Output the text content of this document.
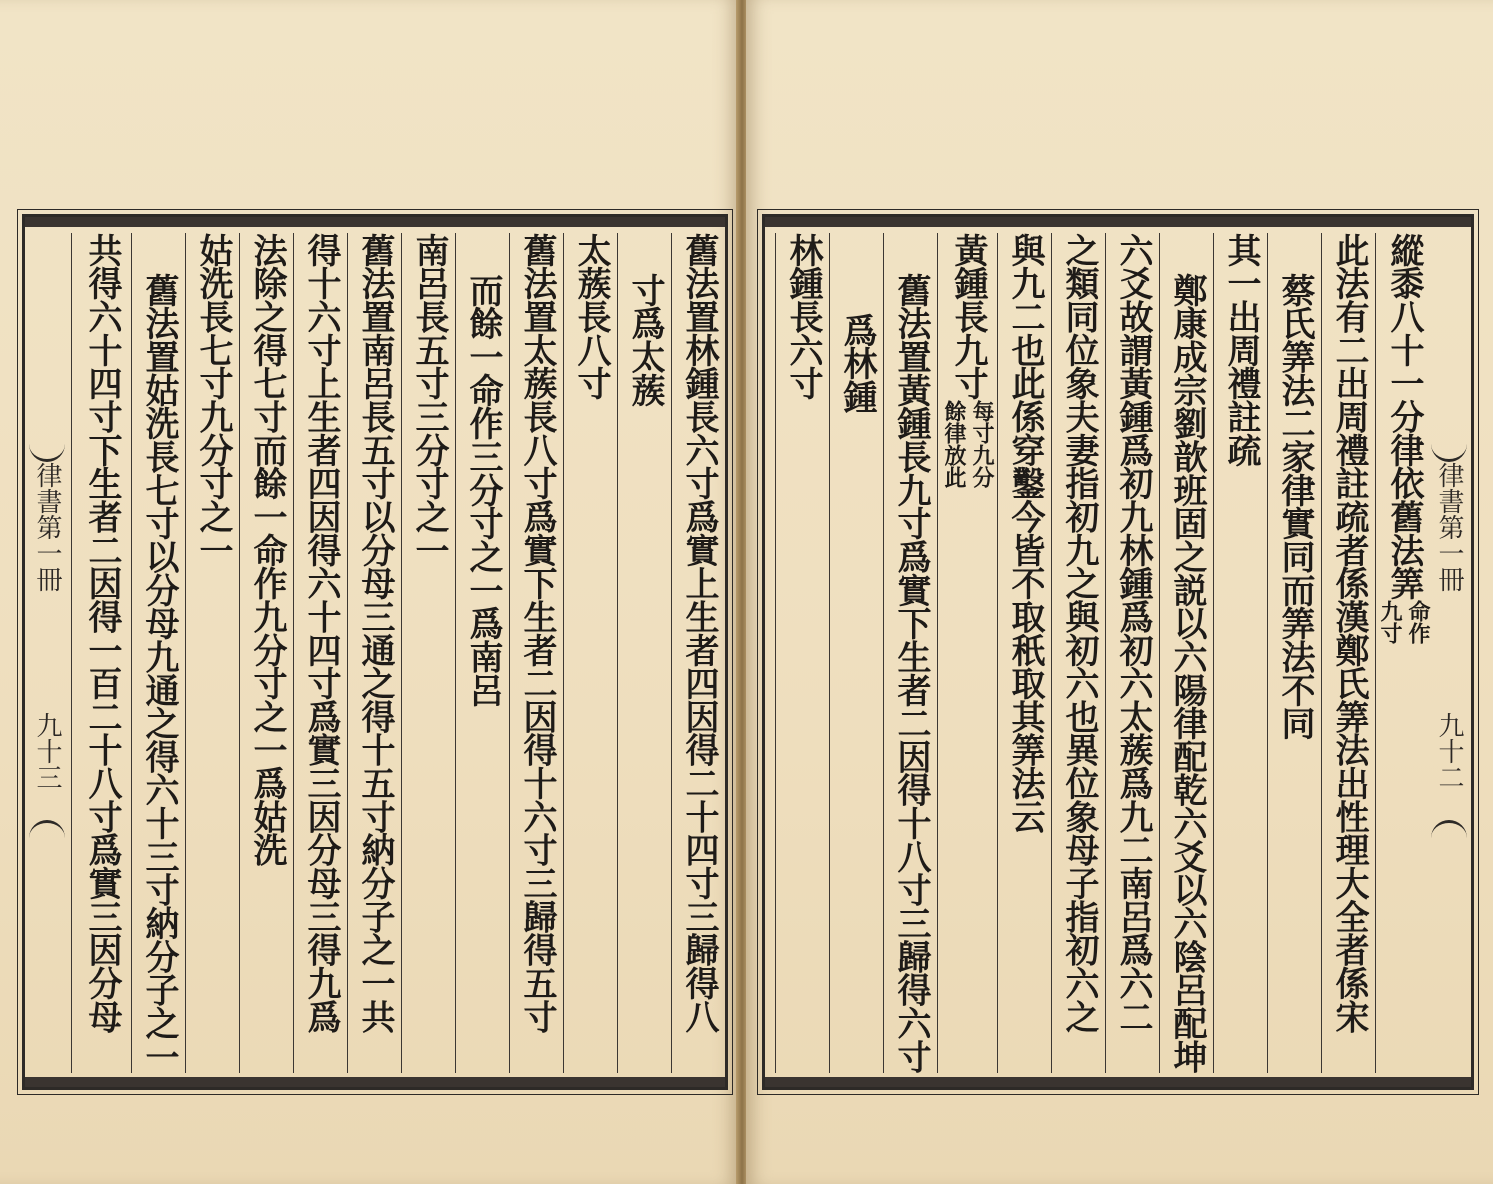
律書第一冊
九十三	舊法置林鍾長六寸爲實上生者四因得二十四寸三歸得八
寸爲太蔟
太蔟長八寸
舊法置太蔟長八寸爲實下生者二因得十六寸三歸得五寸
而餘一命作三分寸之一爲南呂
南呂長五寸三分寸之一
舊法置南呂長五寸以分母三通之得十五寸納分子之一共
得十六寸上生者四因得六十四寸爲實三因分母三得九爲
法除之得七寸而餘一命作九分寸之一爲姑洗
姑洗長七寸九分寸之一
舊法置姑洗長七寸以分母九通之得六十三寸納分子之一
共得六十四寸下生者二因得一百二十八寸爲實三因分母	律書第一冊
九十二
縱黍八十一分律依舊法筭
命作
九寸
此法有二出周禮註疏者係漢鄭氏筭法出性理大全者係宋
蔡氏筭法二家律實同而筭法不同
其一出周禮註疏
鄭康成宗劉歆班固之説以六陽律配乾六爻以六陰呂配坤
六爻故謂黃鍾爲初九林鍾爲初六太蔟爲九二南呂爲六二
之類同位象夫妻指初九之與初六也異位象母子指初六之
與九二也此係穿鑿今皆不取秖取其筭法云
黃鍾長九寸
每寸九分
餘律放此
舊法置黃鍾長九寸爲實下生者二因得十八寸三歸得六寸
爲林鍾
林鍾長六寸
